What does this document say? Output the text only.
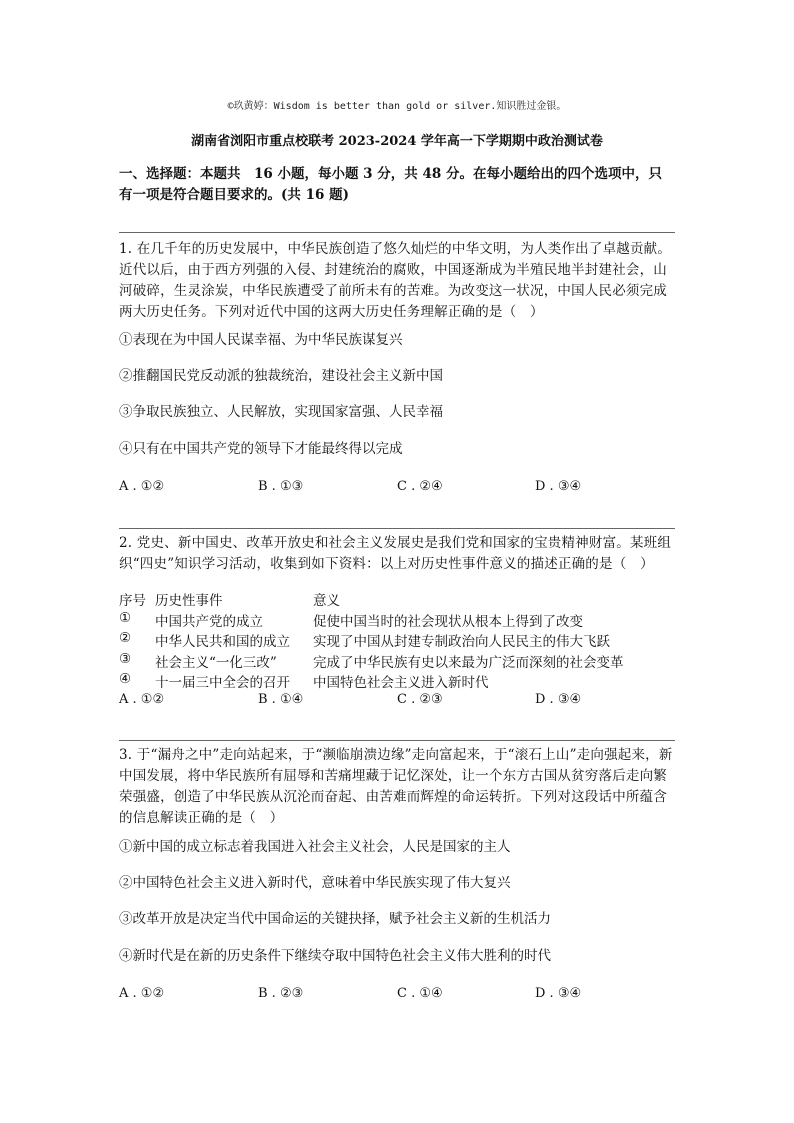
©玖黄婷：Wisdom is better than gold or silver.知识胜过金银。
湖南省浏阳市重点校联考 2023-2024 学年高一下学期期中政治测试卷
一、选择题：本题共　16 小题，每小题 3 分，共 48 分。在每小题给出的四个选项中，只有一项是符合题目要求的。(共 16 题)
1. 在几千年的历史发展中，中华民族创造了悠久灿烂的中华文明，为人类作出了卓越贡献。近代以后，由于西方列强的入侵、封建统治的腐败，中国逐渐成为半殖民地半封建社会，山河破碎，生灵涂炭，中华民族遭受了前所未有的苦难。为改变这一状况，中国人民必须完成两大历史任务。下列对近代中国的这两大历史任务理解正确的是（　）
①表现在为中国人民谋幸福、为中华民族谋复兴
②推翻国民党反动派的独裁统治，建设社会主义新中国
③争取民族独立、人民解放，实现国家富强、人民幸福
④只有在中国共产党的领导下才能最终得以完成
A . ①②	B . ①③	C . ②④	D . ③④
2. 党史、新中国史、改革开放史和社会主义发展史是我们党和国家的宝贵精神财富。某班组织“四史”知识学习活动，收集到如下资料：以上对历史性事件意义的描述正确的是（　）
序号 历史性事件	意义
① 中国共产党的成立	促使中国当时的社会现状从根本上得到了改变
② 中华人民共和国的成立 实现了中国从封建专制政治向人民民主的伟大飞跃
③ 社会主义“一化三改”	完成了中华民族有史以来最为广泛而深刻的社会变革
④ 十一届三中全会的召开 中国特色社会主义进入新时代
A . ①②	B . ①④	C . ②③	D . ③④
3. 于“漏舟之中”走向站起来，于“濒临崩溃边缘”走向富起来，于“滚石上山”走向强起来，新中国发展，将中华民族所有屈辱和苦痛埋藏于记忆深处，让一个东方古国从贫穷落后走向繁荣强盛，创造了中华民族从沉沦而奋起、由苦难而辉煌的命运转折。下列对这段话中所蕴含的信息解读正确的是（　）
①新中国的成立标志着我国进入社会主义社会，人民是国家的主人
②中国特色社会主义进入新时代，意味着中华民族实现了伟大复兴
③改革开放是决定当代中国命运的关键抉择，赋予社会主义新的生机活力
④新时代是在新的历史条件下继续夺取中国特色社会主义伟大胜利的时代
A . ①②	B . ②③	C . ①④	D . ③④
